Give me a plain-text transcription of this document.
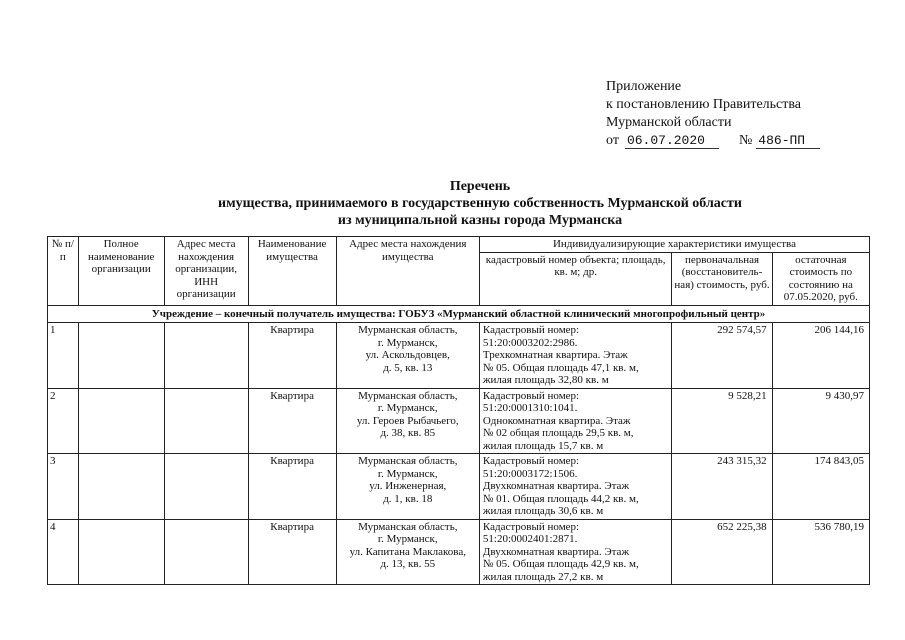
Приложение
к постановлению Правительства
Мурманской области
от 06.07.2020 № 486-ПП
Перечень
имущества, принимаемого в государственную собственность Мурманской области
из муниципальной казны города Мурманска
№ п/п	Полное наименование организации	Адрес места нахождения организации, ИНН организации	Наименование имущества	Адрес места нахождения имущества	Индивидуализирующие характеристики имущества		
					кадастровый номер объекта; площадь, кв. м; др.	первоначальная (восстановитель-ная) стоимость, руб.	остаточная стоимость по состоянию на 07.05.2020, руб.
Учреждение – конечный получатель имущества: ГОБУЗ «Мурманский областной клинический многопрофильный центр»							
1			Квартира	Мурманская область,
г. Мурманск,
ул. Аскольдовцев,
д. 5, кв. 13	Кадастровый номер:
51:20:0003202:2986.
Трехкомнатная квартира. Этаж
№ 05. Общая площадь 47,1 кв. м,
жилая площадь 32,80 кв. м	292 574,57	206 144,16
2			Квартира	Мурманская область,
г. Мурманск,
ул. Героев Рыбачьего,
д. 38, кв. 85	Кадастровый номер:
51:20:0001310:1041.
Однокомнатная квартира. Этаж
№ 02 общая площадь 29,5 кв. м,
жилая площадь 15,7 кв. м	9 528,21	9 430,97
3			Квартира	Мурманская область,
г. Мурманск,
ул. Инженерная,
д. 1, кв. 18	Кадастровый номер:
51:20:0003172:1506.
Двухкомнатная квартира. Этаж
№ 01. Общая площадь 44,2 кв. м,
жилая площадь 30,6 кв. м	243 315,32	174 843,05
4			Квартира	Мурманская область,
г. Мурманск,
ул. Капитана Маклакова,
д. 13, кв. 55	Кадастровый номер:
51:20:0002401:2871.
Двухкомнатная квартира. Этаж
№ 05. Общая площадь 42,9 кв. м,
жилая площадь 27,2 кв. м	652 225,38	536 780,19
